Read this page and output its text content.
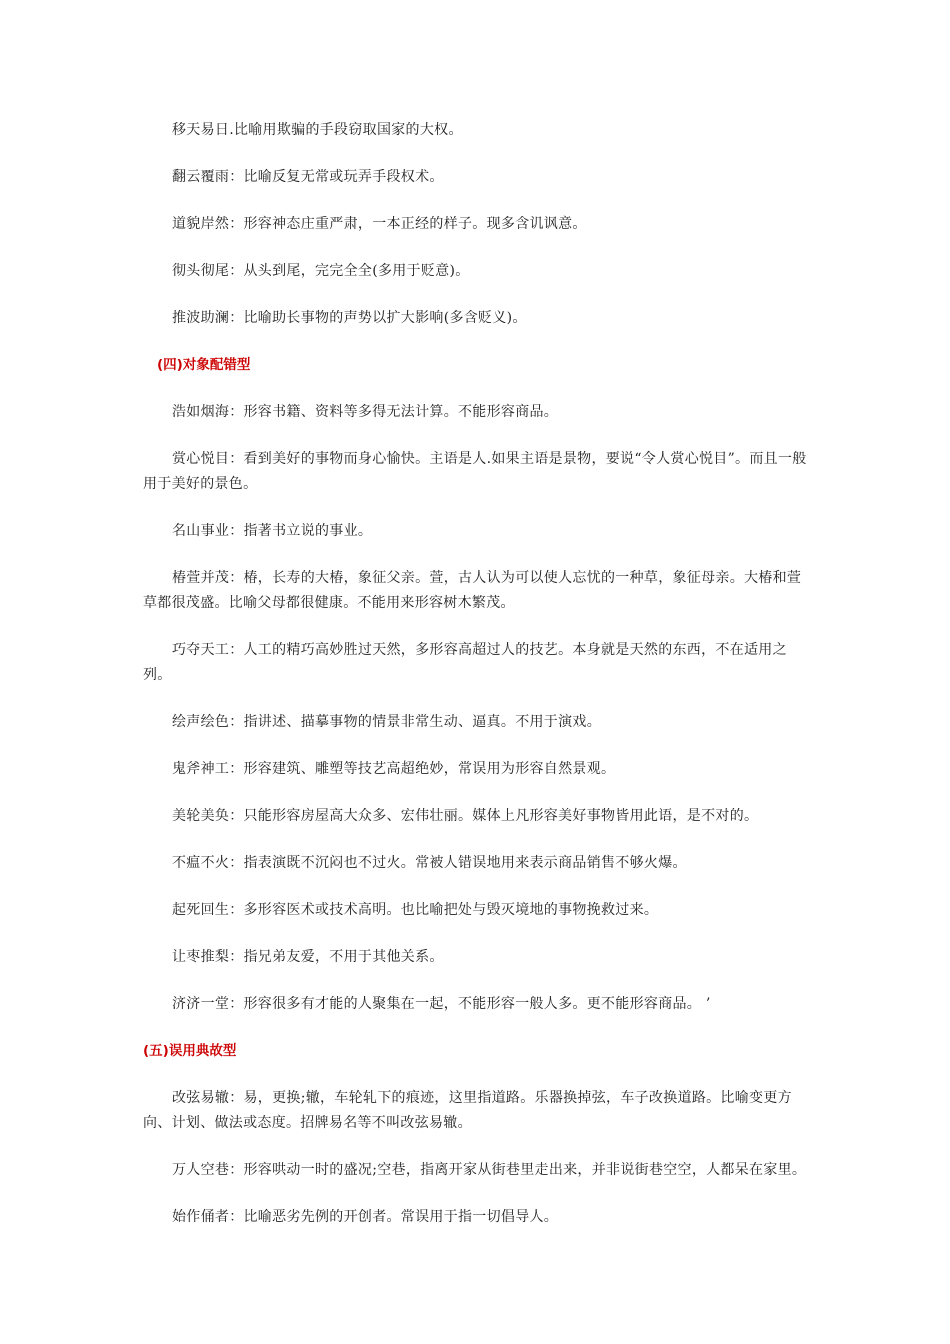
移天易日.比喻用欺骗的手段窃取国家的大权。

翻云覆雨：比喻反复无常或玩弄手段权术。

道貌岸然：形容神态庄重严肃，一本正经的样子。现多含讥讽意。

彻头彻尾：从头到尾，完完全全(多用于贬意)。

推波助澜：比喻助长事物的声势以扩大影响(多含贬义)。

(四)对象配错型

浩如烟海：形容书籍、资料等多得无法计算。不能形容商品。

赏心悦目：看到美好的事物而身心愉快。主语是人.如果主语是景物，要说“令人赏心悦目”。而且一般用于美好的景色。

名山事业：指著书立说的事业。

椿萱并茂：椿，长寿的大椿，象征父亲。萱，古人认为可以使人忘忧的一种草，象征母亲。大椿和萱草都很茂盛。比喻父母都很健康。不能用来形容树木繁茂。

巧夺天工：人工的精巧高妙胜过天然，多形容高超过人的技艺。本身就是天然的东西，不在适用之列。

绘声绘色：指讲述、描摹事物的情景非常生动、逼真。不用于演戏。

鬼斧神工：形容建筑、雕塑等技艺高超绝妙，常误用为形容自然景观。

美轮美奂：只能形容房屋高大众多、宏伟壮丽。媒体上凡形容美好事物皆用此语，是不对的。

不瘟不火：指表演既不沉闷也不过火。常被人错误地用来表示商品销售不够火爆。

起死回生：多形容医术或技术高明。也比喻把处与毁灭境地的事物挽救过来。

让枣推梨：指兄弟友爱，不用于其他关系。

济济一堂：形容很多有才能的人聚集在一起，不能形容一般人多。更不能形容商品。 ’

(五)误用典故型

改弦易辙：易，更换;辙，车轮轧下的痕迹，这里指道路。乐器换掉弦，车子改换道路。比喻变更方向、计划、做法或态度。招牌易名等不叫改弦易辙。

万人空巷：形容哄动一时的盛况;空巷，指离开家从街巷里走出来，并非说街巷空空，人都呆在家里。

始作俑者：比喻恶劣先例的开创者。常误用于指一切倡导人。
